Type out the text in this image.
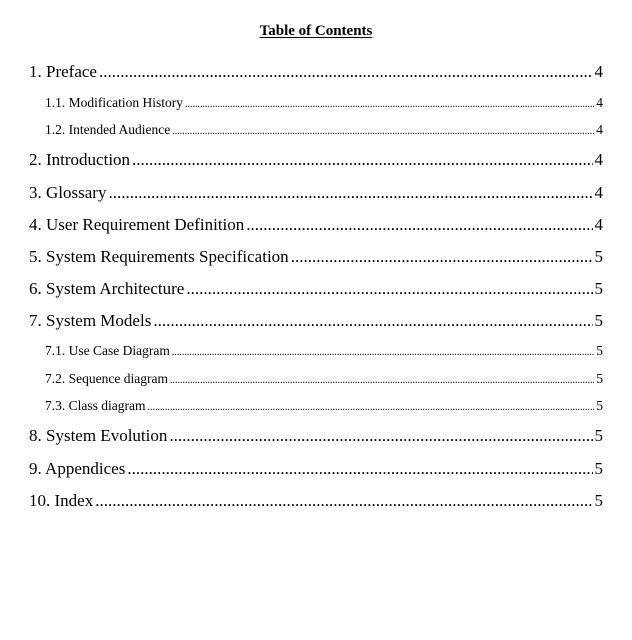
Table of Contents
1. Preface .....	4
1.1. Modification History .....	4
1.2. Intended Audience .....	4
2. Introduction .....	4
3. Glossary .....	4
4. User Requirement Definition .....	4
5. System Requirements Specification .....	5
6. System Architecture .....	5
7. System Models .....	5
7.1. Use Case Diagram .....	5
7.2. Sequence diagram .....	5
7.3. Class diagram .....	5
8. System Evolution .....	5
9. Appendices .....	5
10. Index .....	5
